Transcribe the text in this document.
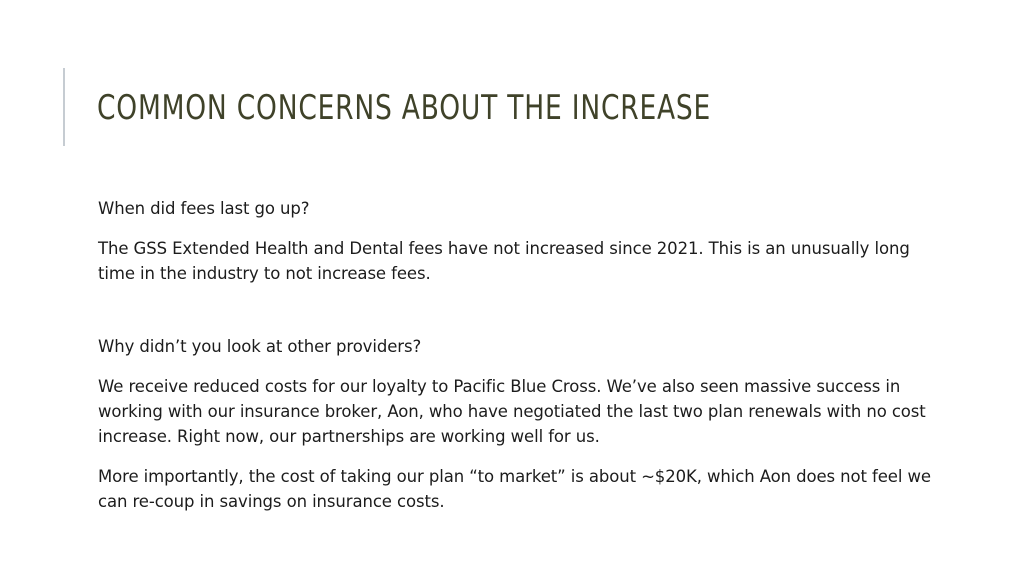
COMMON CONCERNS ABOUT THE INCREASE

When did fees last go up?

The GSS Extended Health and Dental fees have not increased since 2021. This is an unusually long time in the industry to not increase fees.

Why didn’t you look at other providers?

We receive reduced costs for our loyalty to Pacific Blue Cross. We’ve also seen massive success in working with our insurance broker, Aon, who have negotiated the last two plan renewals with no cost increase. Right now, our partnerships are working well for us.

More importantly, the cost of taking our plan “to market” is about ~$20K, which Aon does not feel we can re-coup in savings on insurance costs.
